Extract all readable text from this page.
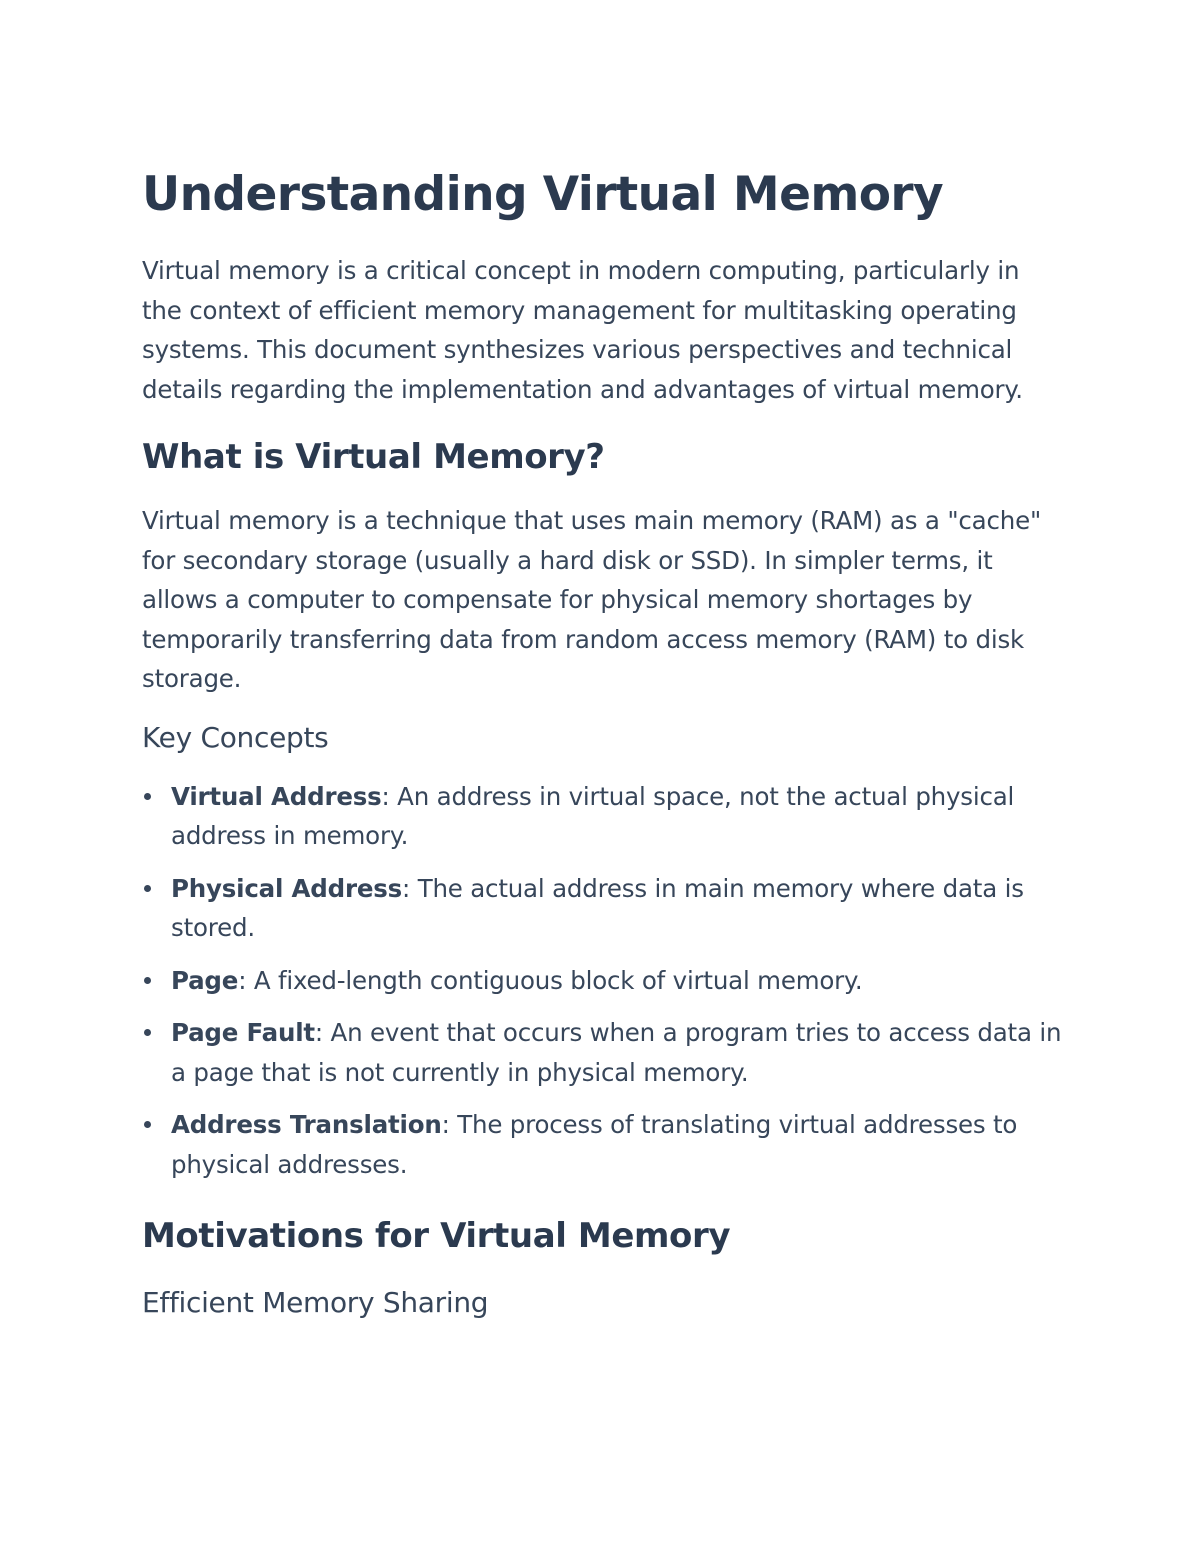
Understanding Virtual Memory

Virtual memory is a critical concept in modern computing, particularly in the context of efficient memory management for multitasking operating systems. This document synthesizes various perspectives and technical details regarding the implementation and advantages of virtual memory.

What is Virtual Memory?

Virtual memory is a technique that uses main memory (RAM) as a "cache" for secondary storage (usually a hard disk or SSD). In simpler terms, it allows a computer to compensate for physical memory shortages by temporarily transferring data from random access memory (RAM) to disk storage.

Key Concepts
Virtual Address: An address in virtual space, not the actual physical address in memory.
Physical Address: The actual address in main memory where data is stored.
Page: A fixed-length contiguous block of virtual memory.
Page Fault: An event that occurs when a program tries to access data in a page that is not currently in physical memory.
Address Translation: The process of translating virtual addresses to physical addresses.
Motivations for Virtual Memory
Efficient Memory Sharing
